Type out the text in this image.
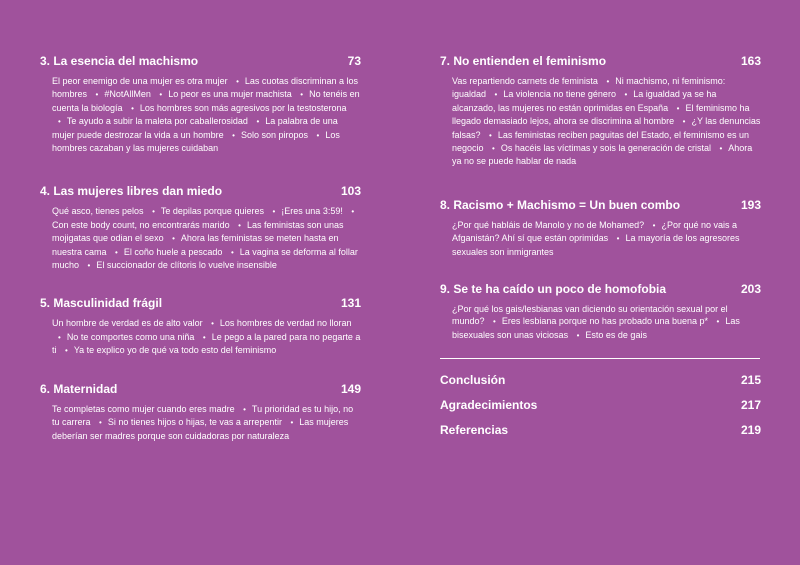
3. La esencia del machismo	73
El peor enemigo de una mujer es otra mujer • Las cuotas discriminan a los hombres • #NotAllMen • Lo peor es una mujer machista • No tenéis en cuenta la biología • Los hombres son más agresivos por la testosterona •Te ayudo a subir la maleta por caballerosidad • La palabra de una mujer puede destrozar la vida a un hombre • Solo son piropos • Los hombres cazaban y las mujeres cuidaban
4. Las mujeres libres dan miedo	103
Qué asco, tienes pelos • Te depilas porque quieres • ¡Eres una 3:59! •Con este body count, no encontrarás marido • Las feministas son unas mojigatas que odian el sexo • Ahora las feministas se meten hasta en nuestra cama • El coño huele a pescado • La vagina se deforma al follar mucho • El succionador de clítoris lo vuelve insensible
5. Masculinidad frágil	131
Un hombre de verdad es de alto valor • Los hombres de verdad no lloran •No te comportes como una niña • Le pego a la pared para no pegarte a ti • Ya te explico yo de qué va todo esto del feminismo
6. Maternidad	149
Te completas como mujer cuando eres madre • Tu prioridad es tu hijo, no tu carrera • Si no tienes hijos o hijas, te vas a arrepentir • Las mujeres deberían ser madres porque son cuidadoras por naturaleza
7. No entienden el feminismo	163
Vas repartiendo carnets de feminista • Ni machismo, ni feminismo: igualdad • La violencia no tiene género • La igualdad ya se ha alcanzado, las mujeres no están oprimidas en España • El feminismo ha llegado demasiado lejos, ahora se discrimina al hombre • ¿Y las denuncias falsas? • Las feministas reciben paguitas del Estado, el feminismo es un negocio • Os hacéis las víctimas y sois la generación de cristal • Ahora ya no se puede hablar de nada
8. Racismo + Machismo = Un buen combo	193
¿Por qué habláis de Manolo y no de Mohamed? • ¿Por qué no vais a Afganistán? Ahí sí que están oprimidas • La mayoría de los agresores sexuales son inmigrantes
9. Se te ha caído un poco de homofobia	203
¿Por qué los gais/lesbianas van diciendo su orientación sexual por el mundo? • Eres lesbiana porque no has probado una buena p* • Las bisexuales son unas viciosas • Esto es de gais
Conclusión	215
Agradecimientos	217
Referencias	219
